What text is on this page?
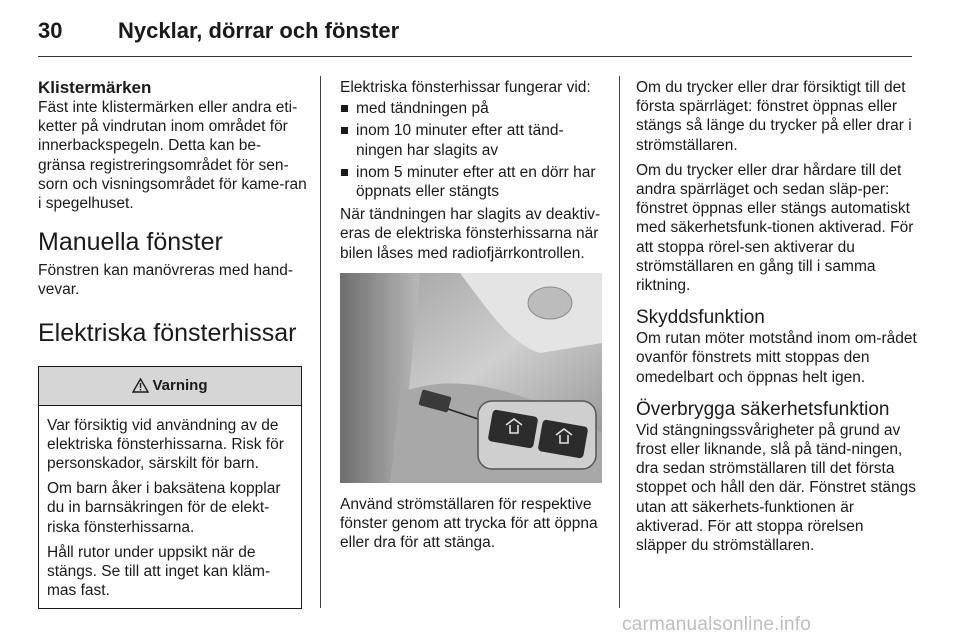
30	Nycklar, dörrar och fönster
Klistermärken

Fäst inte klistermärken eller andra eti-ketter på vindrutan inom området för innerbackspegeln. Detta kan be-gränsa registreringsområdet för sen-sorn och visningsområdet för kame-ran i spegelhuset.

Manuella fönster

Fönstren kan manövreras med hand-vevar.

Elektriska fönsterhissar
Varning

Var försiktig vid användning av de elektriska fönsterhissarna. Risk för personskador, särskilt för barn.

Om barn åker i baksätena kopplar du in barnsäkringen för de elekt-riska fönsterhissarna.

Håll rutor under uppsikt när de stängs. Se till att inget kan kläm-mas fast.

Elektriska fönsterhissar fungerar vid:

med tändningen på
inom 10 minuter efter att tänd-ningen har slagits av
inom 5 minuter efter att en dörr har öppnats eller stängts

När tändningen har slagits av deaktiv-eras de elektriska fönsterhissarna när bilen låses med radiofjärrkontrollen.

Använd strömställaren för respektive fönster genom att trycka för att öppna eller dra för att stänga.

Om du trycker eller drar försiktigt till det första spärrläget: fönstret öppnas eller stängs så länge du trycker på eller drar i strömställaren.

Om du trycker eller drar hårdare till det andra spärrläget och sedan släp-per: fönstret öppnas eller stängs automatiskt med säkerhetsfunk-tionen aktiverad. För att stoppa rörel-sen aktiverar du strömställaren en gång till i samma riktning.

Skyddsfunktion

Om rutan möter motstånd inom om-rådet ovanför fönstrets mitt stoppas den omedelbart och öppnas helt igen.

Överbrygga säkerhetsfunktion

Vid stängningssvårigheter på grund av frost eller liknande, slå på tänd-ningen, dra sedan strömställaren till det första stoppet och håll den där. Fönstret stängs utan att säkerhets-funktionen är aktiverad. För att stoppa rörelsen släpper du strömställaren.

carmanualsonline.info
